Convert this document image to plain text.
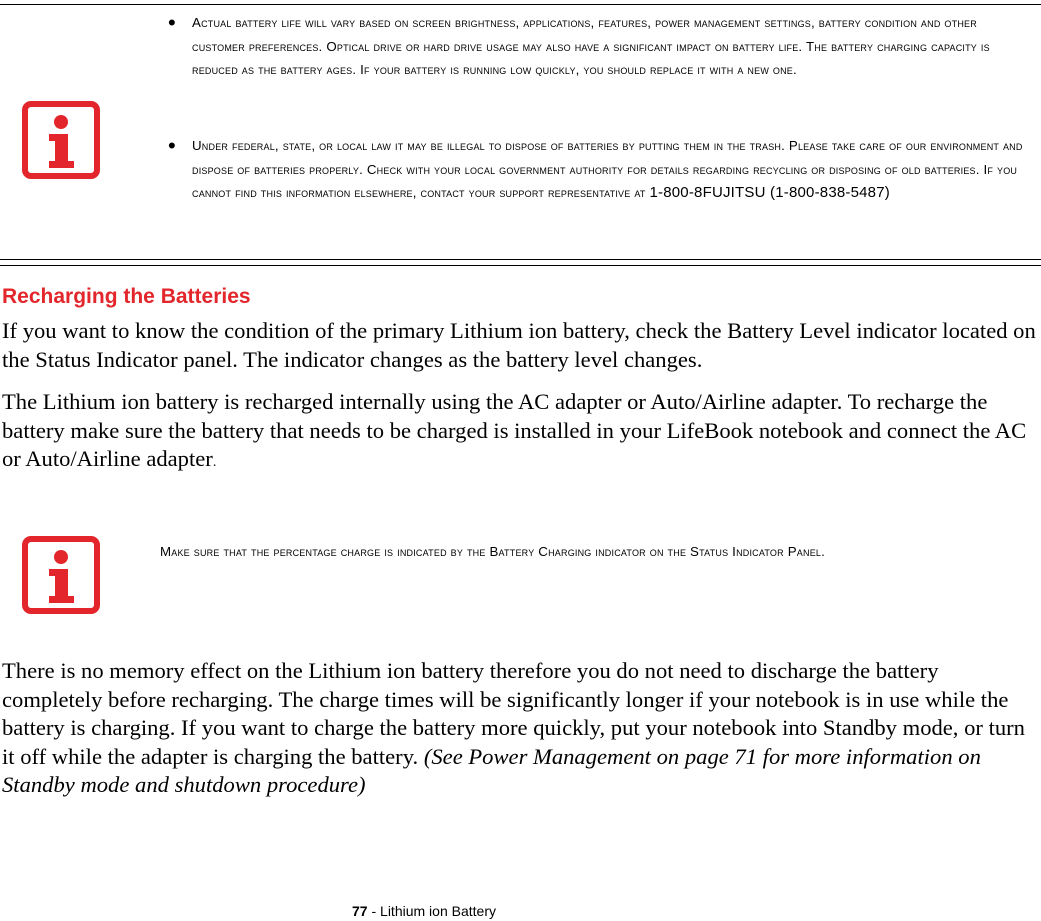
• Actual battery life will vary based on screen brightness, applications, features, power management settings, battery condition and other customer preferences. Optical drive or hard drive usage may also have a significant impact on battery life. The battery charging capacity is reduced as the battery ages. If your battery is running low quickly, you should replace it with a new one.
• Under federal, state, or local law it may be illegal to dispose of batteries by putting them in the trash. Please take care of our environment and dispose of batteries properly. Check with your local government authority for details regarding recycling or disposing of old batteries. If you cannot find this information elsewhere, contact your support representative at 1-800-8FUJITSU (1-800-838-5487)
Recharging the Batteries
If you want to know the condition of the primary Lithium ion battery, check the Battery Level indicator located on the Status Indicator panel. The indicator changes as the battery level changes.
The Lithium ion battery is recharged internally using the AC adapter or Auto/Airline adapter. To recharge the battery make sure the battery that needs to be charged is installed in your LifeBook notebook and connect the AC or Auto/Airline adapter.
Make sure that the percentage charge is indicated by the Battery Charging indicator on the Status Indicator Panel.
There is no memory effect on the Lithium ion battery therefore you do not need to discharge the battery completely before recharging. The charge times will be significantly longer if your notebook is in use while the battery is charging. If you want to charge the battery more quickly, put your notebook into Standby mode, or turn it off while the adapter is charging the battery. (See Power Management on page 71 for more information on Standby mode and shutdown procedure)
77 - Lithium ion Battery
